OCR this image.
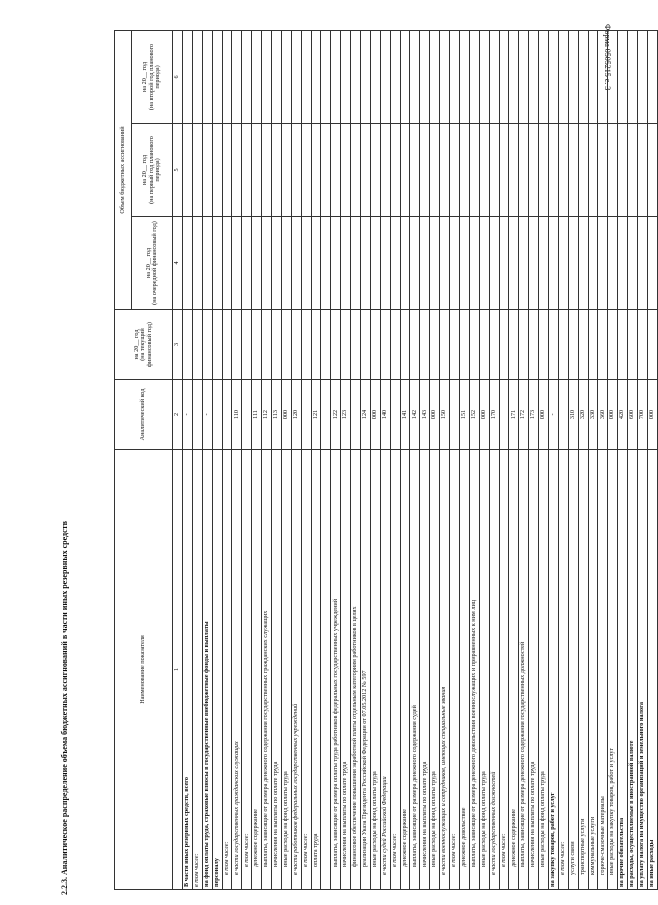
Форма 0505215 с. 3
2.2.3. Аналитическое распределение объема бюджетных ассигнований в части иных резервных средств	Наименование показателя	Аналитический код	на 20__ год
(на текущий финансовый год)	Объем бюджетных ассигнований		
			на 20__ год
(на очередной финансовый год)	на 20__ год
(на первый год планового периода)	на 20__ год
(на второй год планового периода)
1	2	3	4	5	6
В части иных резервных средств, всего	-				
в том числе:					
на фонд оплаты труда, страховые взносы в государственные внебюджетные фонды и выплаты	-				
персоналу					
в том числе:					
в части государственных гражданских служащих	110				
в том числе:					
денежное содержание	111				
выплаты, зависящие от размера денежного содержания государственных гражданских служащих	112				
начисления на выплаты по оплате труда	113				
иные расходы на фонд оплаты труда	000				
в части работников федеральных государственных учреждений	120				
в том числе:					
оплата труда	121				

выплаты, зависящие от размера оплаты труда работников федеральных государственных учреждений	122				
начисления на выплаты по оплате труда	123				
финансовое обеспечение повышения заработной платы отдельным категориям работников в целях					
реализации Указа Президента Российской Федерации от 07.05.2012 № 597	124				
иные расходы на фонд оплаты труда	000				
в части судей Российской Федерации	140				
в том числе:					
денежное содержание	141				
выплаты, зависящие от размера денежного содержания судей	142				
начисления на выплаты по оплате труда	143				
иные расходы на фонд оплаты труда	000				
в части военнослужащих и сотрудников, имеющих специальные звания	150				
в том числе:					
денежное довольствие	151				
выплаты, зависящие от размера денежного довольствия военнослужащих и приравненных к ним лиц	152				
иные расходы на фонд оплаты труда	000				
в части государственных должностей	170				
в том числе:					
денежное содержание	171				
выплаты, зависящие от размера денежного содержания государственных должностей	172				
начисления на выплаты по оплате труда	173				
иные расходы на фонд оплаты труда	000				
на закупку товаров, работ и услуг	-				
в том числе:					
услуги связи	310				
транспортные услуги	320				
коммунальные услуги	330				
горюче-смазочные материалы	360				
иные расходы на закупку товаров, работ и услуг	000				
на прочие обязательства	420				
на расходы, осуществляемые в иностранной валюте	600				
на уплату налога на имущество организаций и земельного налога	700				
на иные расходы	000				
